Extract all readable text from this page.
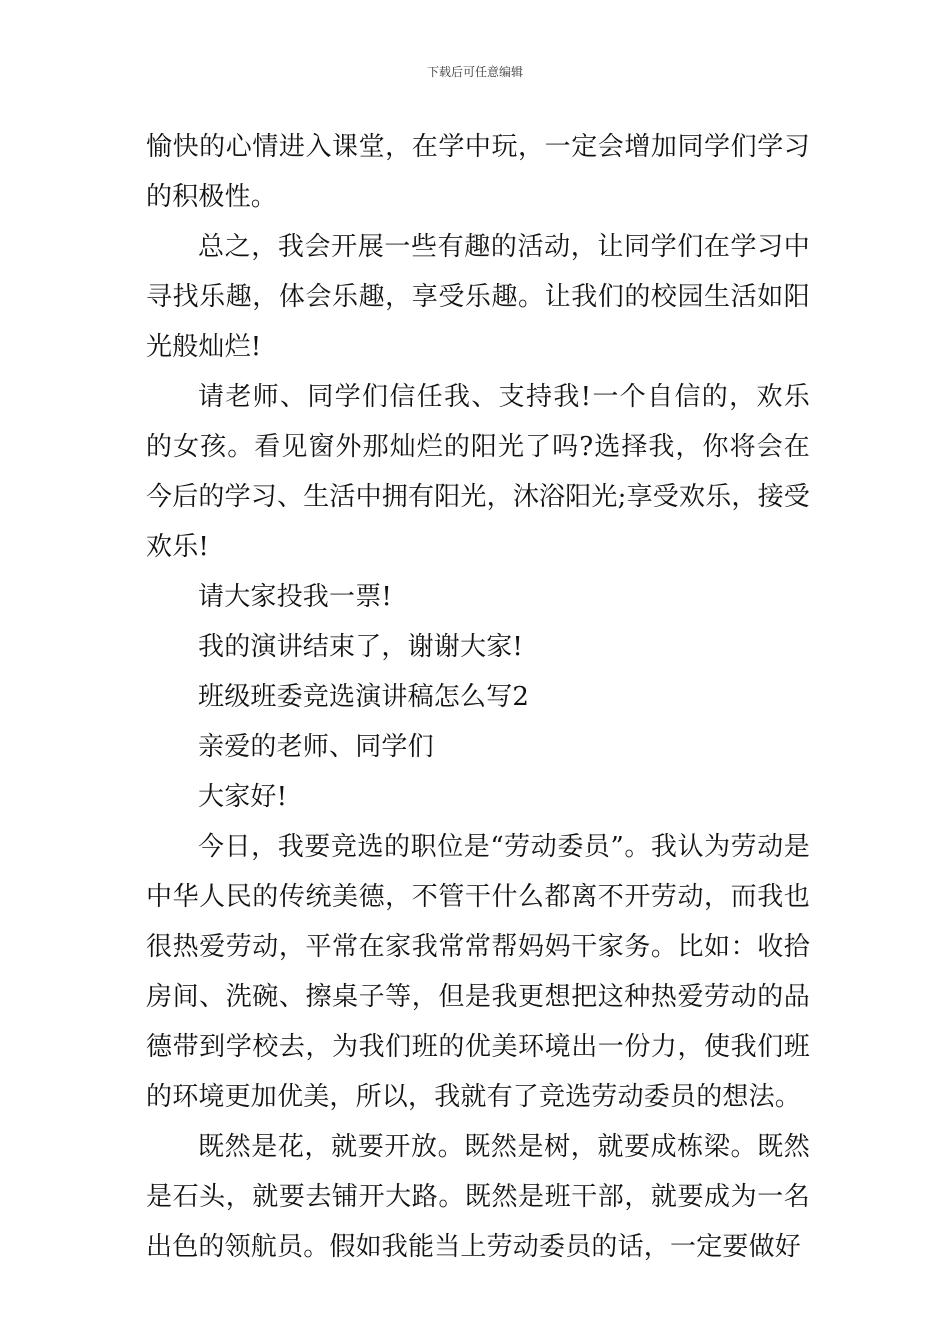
下载后可任意编辑

愉快的心情进入课堂，在学中玩，一定会增加同学们学习的积极性。

总之，我会开展一些有趣的活动，让同学们在学习中寻找乐趣，体会乐趣，享受乐趣。让我们的校园生活如阳光般灿烂!

请老师、同学们信任我、支持我!一个自信的，欢乐的女孩。看见窗外那灿烂的阳光了吗?选择我，你将会在今后的学习、生活中拥有阳光，沐浴阳光;享受欢乐，接受欢乐!

请大家投我一票!

我的演讲结束了，谢谢大家!

班级班委竞选演讲稿怎么写2

亲爱的老师、同学们

大家好!

今日，我要竞选的职位是“劳动委员”。我认为劳动是中华人民的传统美德，不管干什么都离不开劳动，而我也很热爱劳动，平常在家我常常帮妈妈干家务。比如：收拾房间、洗碗、擦桌子等，但是我更想把这种热爱劳动的品德带到学校去，为我们班的优美环境出一份力，使我们班的环境更加优美，所以，我就有了竞选劳动委员的想法。

既然是花，就要开放。既然是树，就要成栋梁。既然是石头，就要去铺开大路。既然是班干部，就要成为一名出色的领航员。假如我能当上劳动委员的话，一定要做好
